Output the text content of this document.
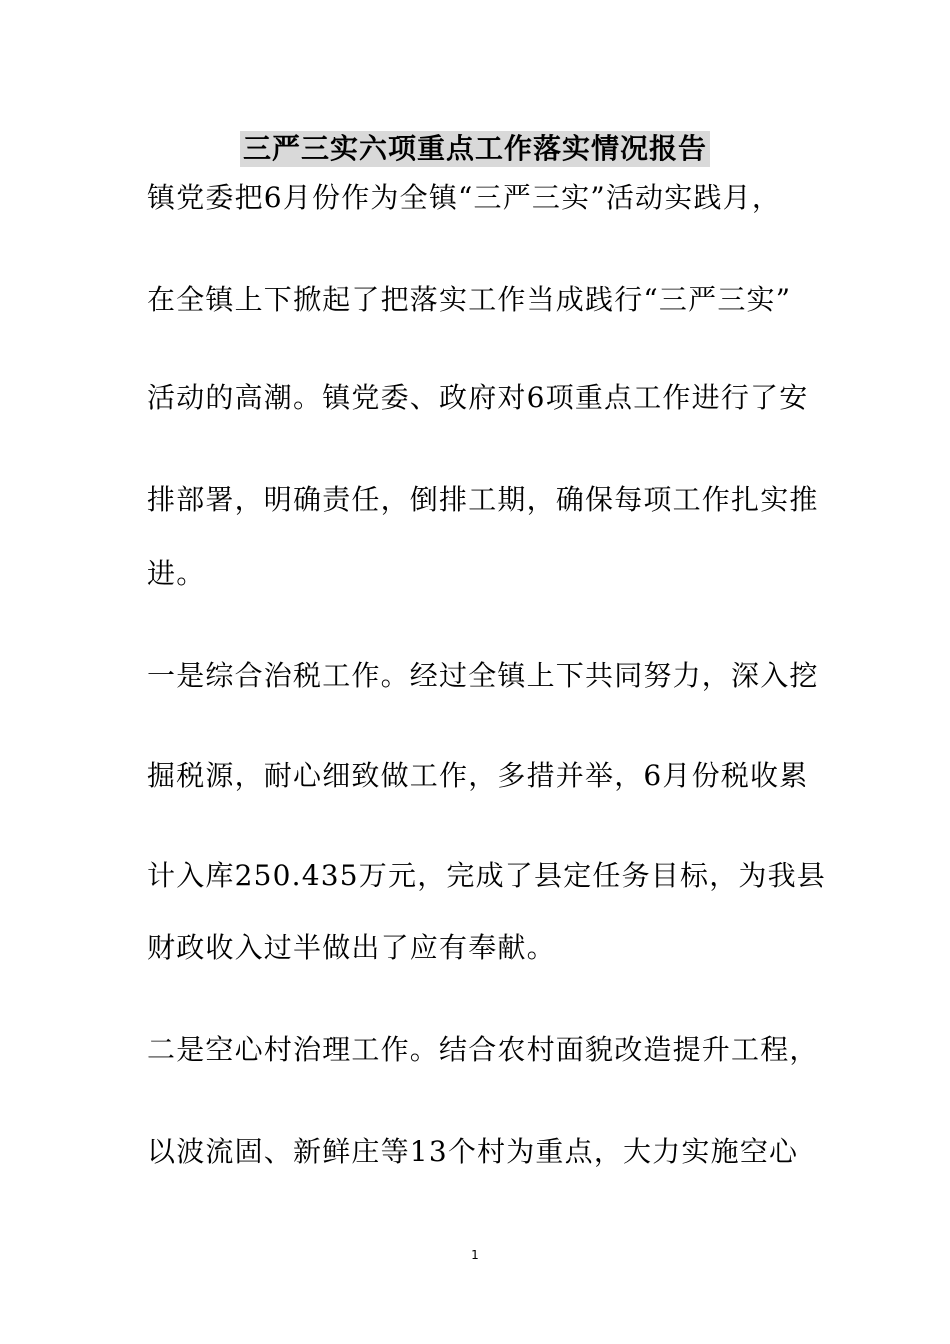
三严三实六项重点工作落实情况报告
镇党委把6月份作为全镇“三严三实”活动实践月，
在全镇上下掀起了把落实工作当成践行“三严三实”
活动的高潮。镇党委、政府对6项重点工作进行了安
排部署，明确责任，倒排工期，确保每项工作扎实推
进。
一是综合治税工作。经过全镇上下共同努力，深入挖
掘税源，耐心细致做工作，多措并举，6月份税收累
计入库250.435万元，完成了县定任务目标，为我县
财政收入过半做出了应有奉献。
二是空心村治理工作。结合农村面貌改造提升工程，
以波流固、新鲜庄等13个村为重点，大力实施空心
1
